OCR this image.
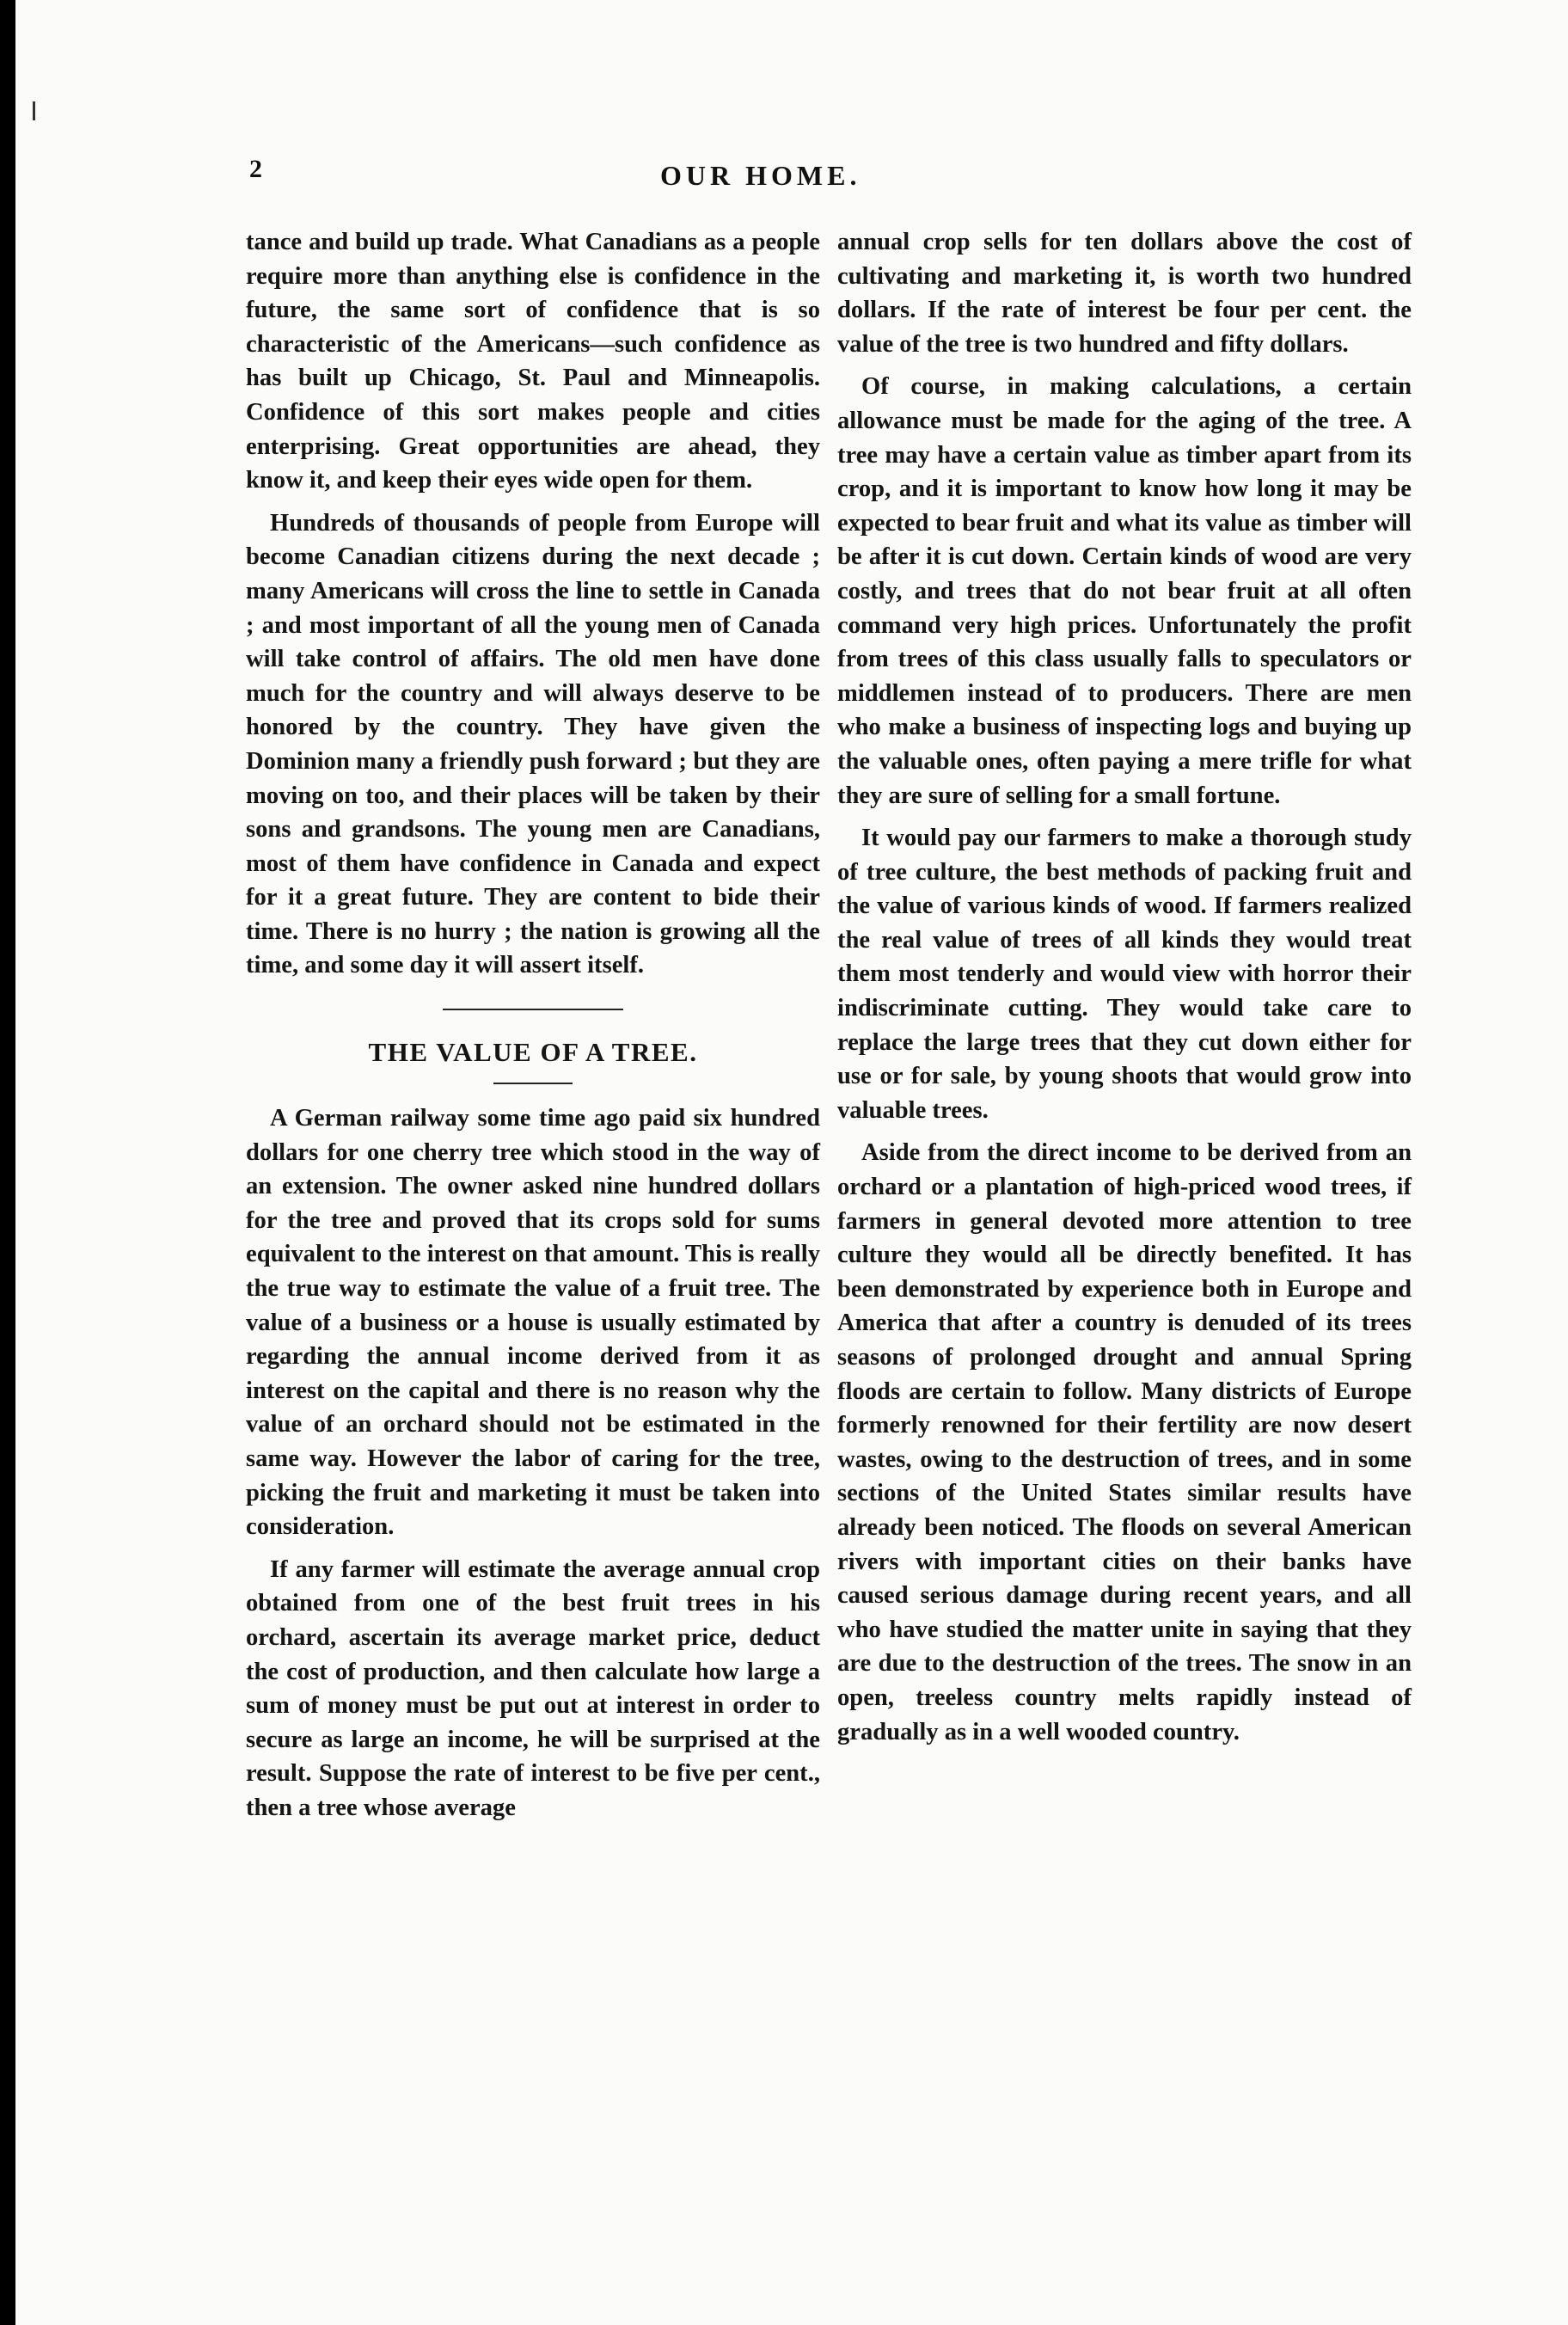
2	OUR HOME.

tance and build up trade. What Canadians as a people require more than anything else is confidence in the future, the same sort of confidence that is so characteristic of the Americans—such confidence as has built up Chicago, St. Paul and Minneapolis. Confidence of this sort makes people and cities enterprising. Great opportunities are ahead, they know it, and keep their eyes wide open for them.

Hundreds of thousands of people from Europe will become Canadian citizens during the next decade ; many Americans will cross the line to settle in Canada ; and most important of all the young men of Canada will take control of affairs. The old men have done much for the country and will always deserve to be honored by the country. They have given the Dominion many a friendly push forward ; but they are moving on too, and their places will be taken by their sons and grandsons. The young men are Canadians, most of them have confidence in Canada and expect for it a great future. They are content to bide their time. There is no hurry ; the nation is growing all the time, and some day it will assert itself.

THE VALUE OF A TREE.

A German railway some time ago paid six hundred dollars for one cherry tree which stood in the way of an extension. The owner asked nine hundred dollars for the tree and proved that its crops sold for sums equivalent to the interest on that amount. This is really the true way to estimate the value of a fruit tree. The value of a business or a house is usually estimated by regarding the annual income derived from it as interest on the capital and there is no reason why the value of an orchard should not be estimated in the same way. However the labor of caring for the tree, picking the fruit and marketing it must be taken into consideration.

If any farmer will estimate the average annual crop obtained from one of the best fruit trees in his orchard, ascertain its average market price, deduct the cost of production, and then calculate how large a sum of money must be put out at interest in order to secure as large an income, he will be surprised at the result. Suppose the rate of interest to be five per cent., then a tree whose average

annual crop sells for ten dollars above the cost of cultivating and marketing it, is worth two hundred dollars. If the rate of interest be four per cent. the value of the tree is two hundred and fifty dollars.

Of course, in making calculations, a certain allowance must be made for the aging of the tree. A tree may have a certain value as timber apart from its crop, and it is important to know how long it may be expected to bear fruit and what its value as timber will be after it is cut down. Certain kinds of wood are very costly, and trees that do not bear fruit at all often command very high prices. Unfortunately the profit from trees of this class usually falls to speculators or middlemen instead of to producers. There are men who make a business of inspecting logs and buying up the valuable ones, often paying a mere trifle for what they are sure of selling for a small fortune.

It would pay our farmers to make a thorough study of tree culture, the best methods of packing fruit and the value of various kinds of wood. If farmers realized the real value of trees of all kinds they would treat them most tenderly and would view with horror their indiscriminate cutting. They would take care to replace the large trees that they cut down either for use or for sale, by young shoots that would grow into valuable trees.

Aside from the direct income to be derived from an orchard or a plantation of high-priced wood trees, if farmers in general devoted more attention to tree culture they would all be directly benefited. It has been demonstrated by experience both in Europe and America that after a country is denuded of its trees seasons of prolonged drought and annual Spring floods are certain to follow. Many districts of Europe formerly renowned for their fertility are now desert wastes, owing to the destruction of trees, and in some sections of the United States similar results have already been noticed. The floods on several American rivers with important cities on their banks have caused serious damage during recent years, and all who have studied the matter unite in saying that they are due to the destruction of the trees. The snow in an open, treeless country melts rapidly instead of gradually as in a well wooded country.
